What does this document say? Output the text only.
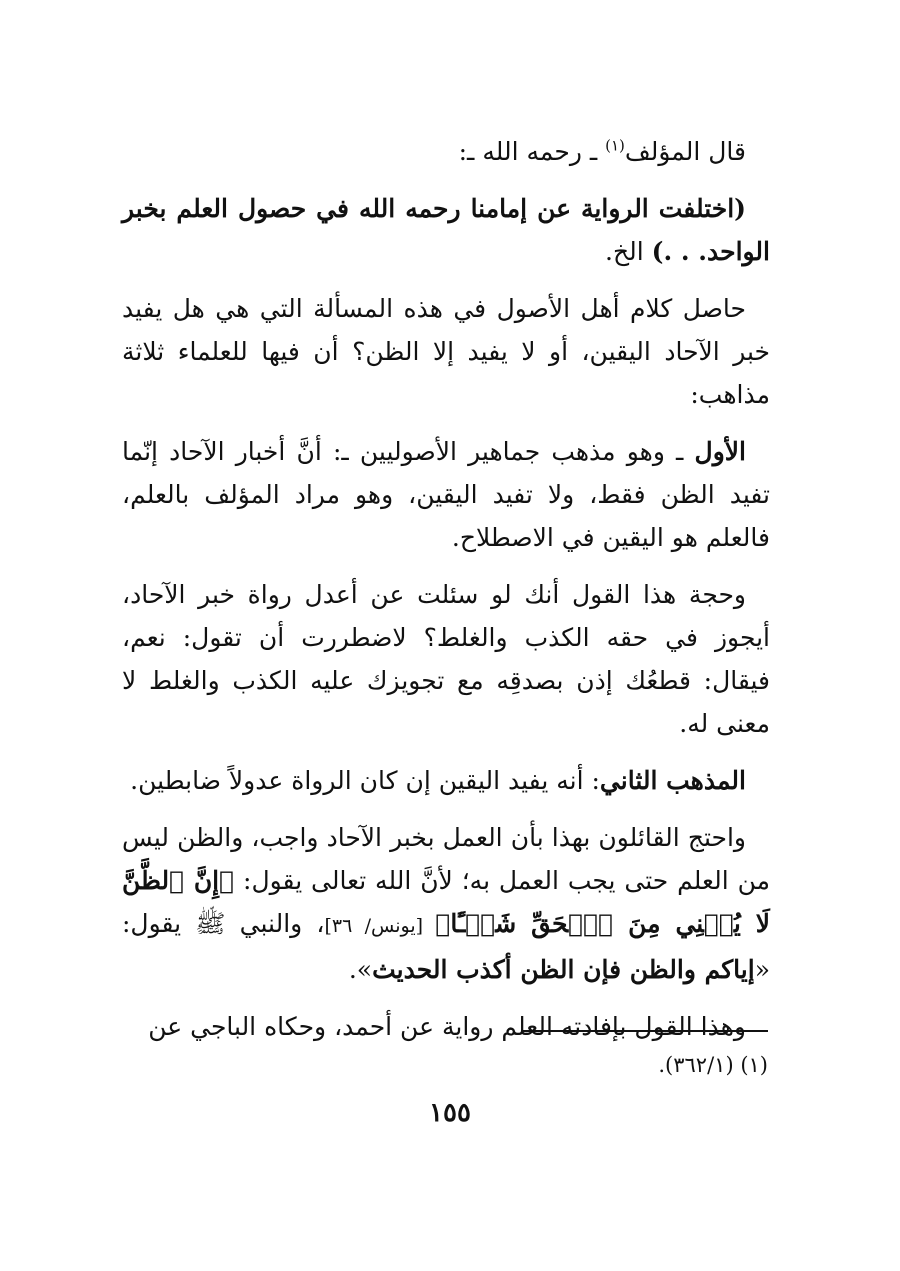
قال المؤلف$^{(١)}$ ـ رحمه الله ـ:

(اختلفت الرواية عن إمامنا رحمه الله في حصول العلم بخبر الواحد. . .) الخ.

حاصل كلام أهل الأصول في هذه المسألة التي هي هل يفيد خبر الآحاد اليقين، أو لا يفيد إلا الظن؟ أن فيها للعلماء ثلاثة مذاهب:

الأول ـ وهو مذهب جماهير الأصوليين ـ: أنَّ أخبار الآحاد إنّما تفيد الظن فقط، ولا تفيد اليقين، وهو مراد المؤلف بالعلم، فالعلم هو اليقين في الاصطلاح.

وحجة هذا القول أنك لو سئلت عن أعدل رواة خبر الآحاد، أيجوز في حقه الكذب والغلط؟ لاضطررت أن تقول: نعم، فيقال: قطعُك إذن بصدقِه مع تجويزك عليه الكذب والغلط لا معنى له.

المذهب الثاني: أنه يفيد اليقين إن كان الرواة عدولاً ضابطين.

واحتج القائلون بهذا بأن العمل بخبر الآحاد واجب، والظن ليس من العلم حتى يجب العمل به؛ لأنَّ الله تعالى يقول: ﴿إِنَّ ٱلظَّنَّ لَا يُغۡنِي مِنَ ٱلۡحَقِّ شَيۡـًٔا﴾ [يونس/ ٣٦]، والنبي ﷺ يقول: «إياكم والظن فإن الظن أكذب الحديث».

وهذا القول بإفادته العلم رواية عن أحمد، وحكاه الباجي عن

(١) (٣٦٢/١).
١٥٥
